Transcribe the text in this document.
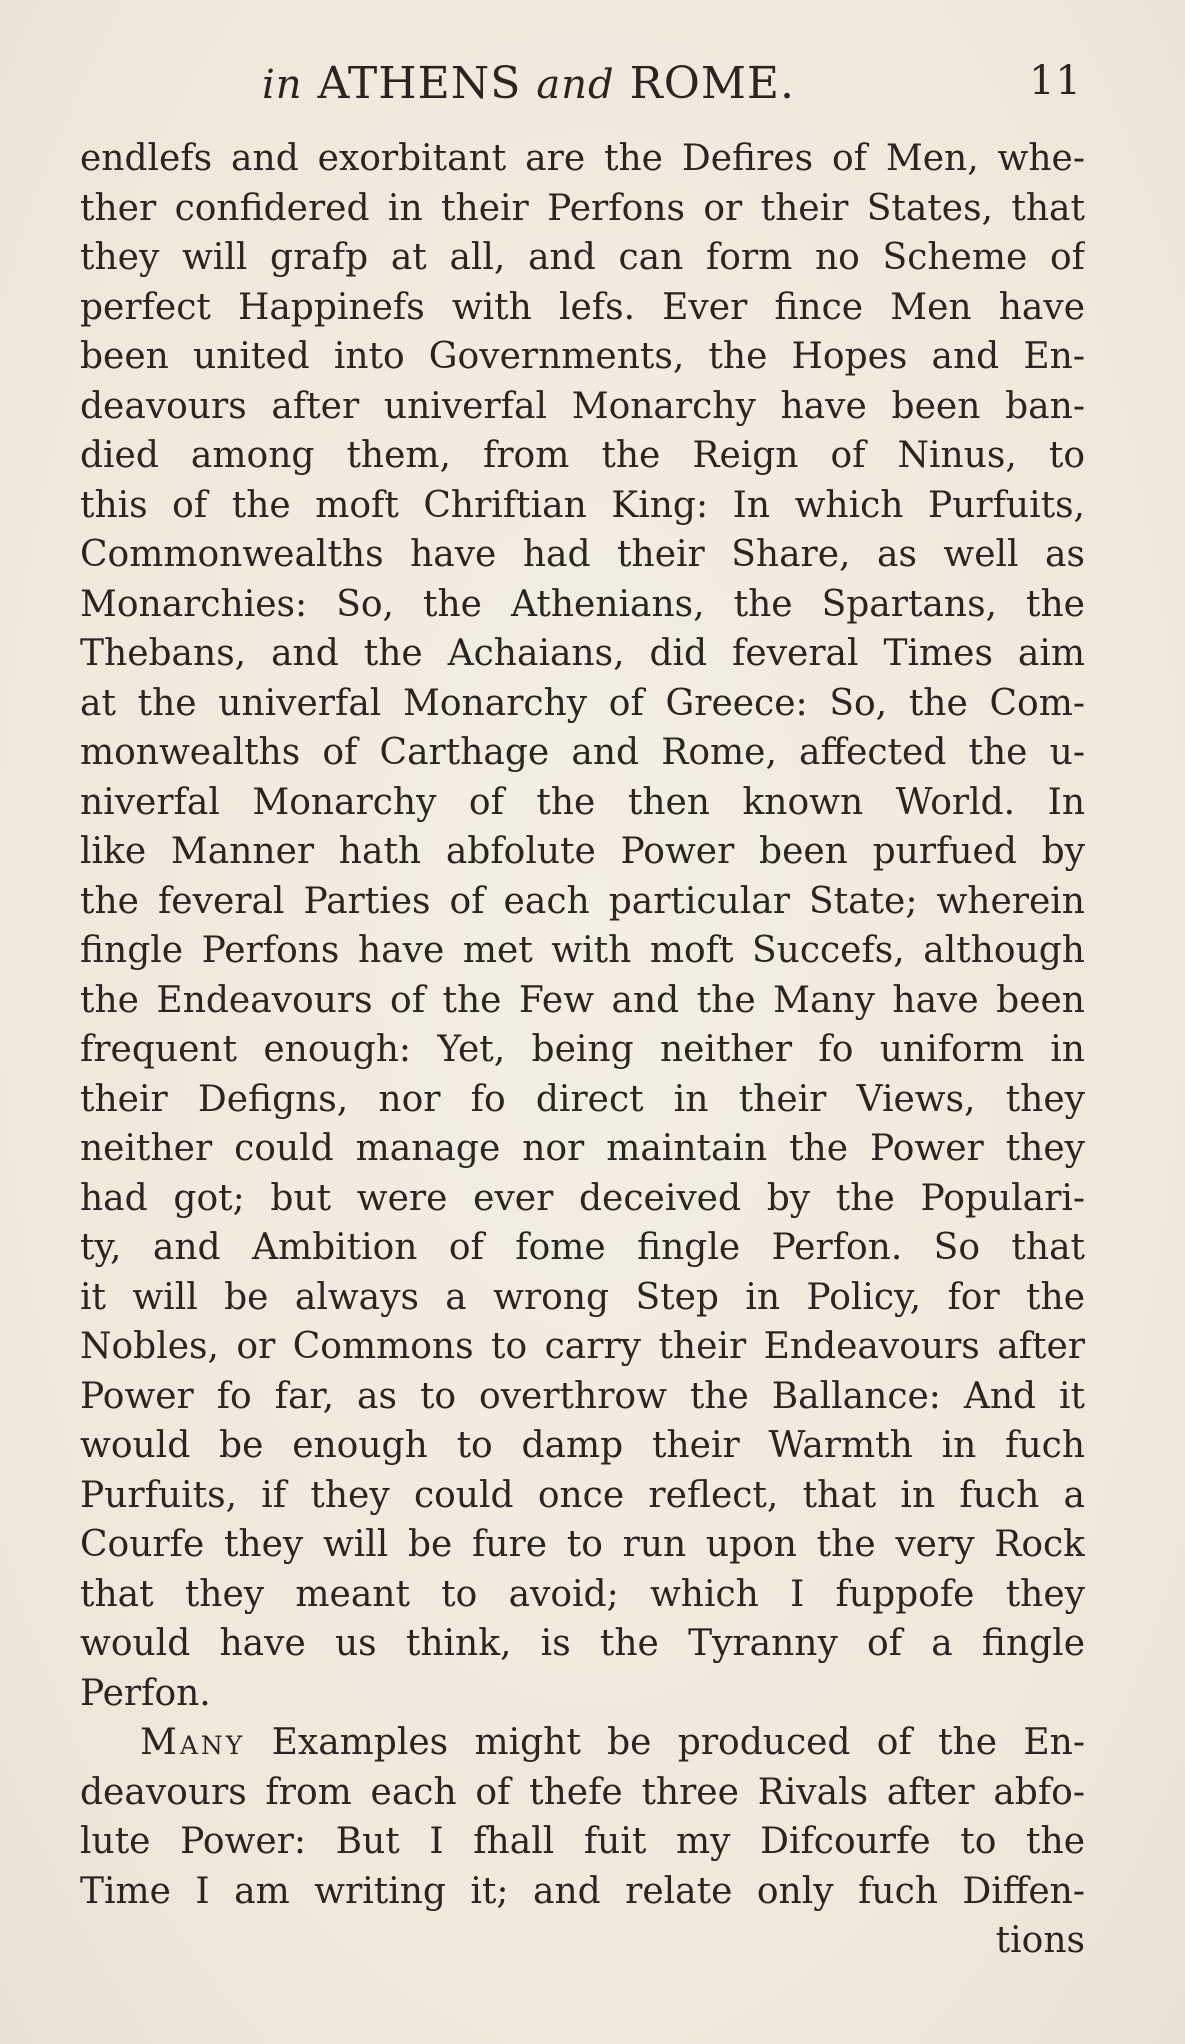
in ATHENS and ROME.	11
endlefs and exorbitant are the Defires of Men, whe-
ther confidered in their Perfons or their States, that
they will grafp at all, and can form no Scheme of
perfect Happinefs with lefs. Ever fince Men have
been united into Governments, the Hopes and En-
deavours after univerfal Monarchy have been ban-
died among them, from the Reign of Ninus, to
this of the moft Chriftian King: In which Purfuits,
Commonwealths have had their Share, as well as
Monarchies: So, the Athenians, the Spartans, the
Thebans, and the Achaians, did feveral Times aim
at the univerfal Monarchy of Greece: So, the Com-
monwealths of Carthage and Rome, affected the u-
niverfal Monarchy of the then known World. In
like Manner hath abfolute Power been purfued by
the feveral Parties of each particular State; wherein
fingle Perfons have met with moft Succefs, although
the Endeavours of the Few and the Many have been
frequent enough: Yet, being neither fo uniform in
their Defigns, nor fo direct in their Views, they
neither could manage nor maintain the Power they
had got; but were ever deceived by the Populari-
ty, and Ambition of fome fingle Perfon. So that
it will be always a wrong Step in Policy, for the
Nobles, or Commons to carry their Endeavours after
Power fo far, as to overthrow the Ballance: And it
would be enough to damp their Warmth in fuch
Purfuits, if they could once reflect, that in fuch a
Courfe they will be fure to run upon the very Rock
that they meant to avoid; which I fuppofe they
would have us think, is the Tyranny of a fingle
Perfon.
Many Examples might be produced of the En-
deavours from each of thefe three Rivals after abfo-
lute Power: But I fhall fuit my Difcourfe to the
Time I am writing it; and relate only fuch Diffen-
tions
